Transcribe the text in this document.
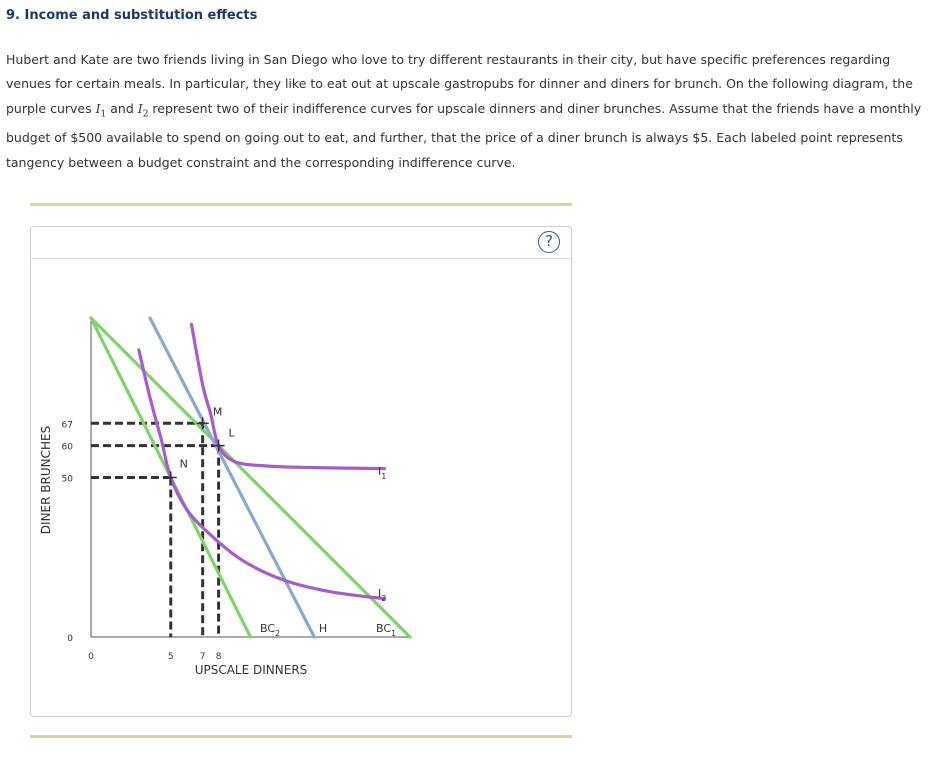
9. Income and substitution effects
Hubert and Kate are two friends living in San Diego who love to try different restaurants in their city, but have specific preferences regarding venues for certain meals. In particular, they like to eat out at upscale gastropubs for dinner and diners for brunch. On the following diagram, the purple curves $I_1$ and $I_2$ represent two of their indifference curves for upscale dinners and diner brunches. Assume that the friends have a monthly budget of $500 available to spend on going out to eat, and further, that the price of a diner brunch is always $5. Each labeled point represents tangency between a budget constraint and the corresponding indifference curve.
?
M
L
N
0
50
60
67
0	5	7 8
UPSCALE DINNERS
DINER BRUNCHES
$BC_2$	H	$BC_1$
$I_1$
$I_2$
